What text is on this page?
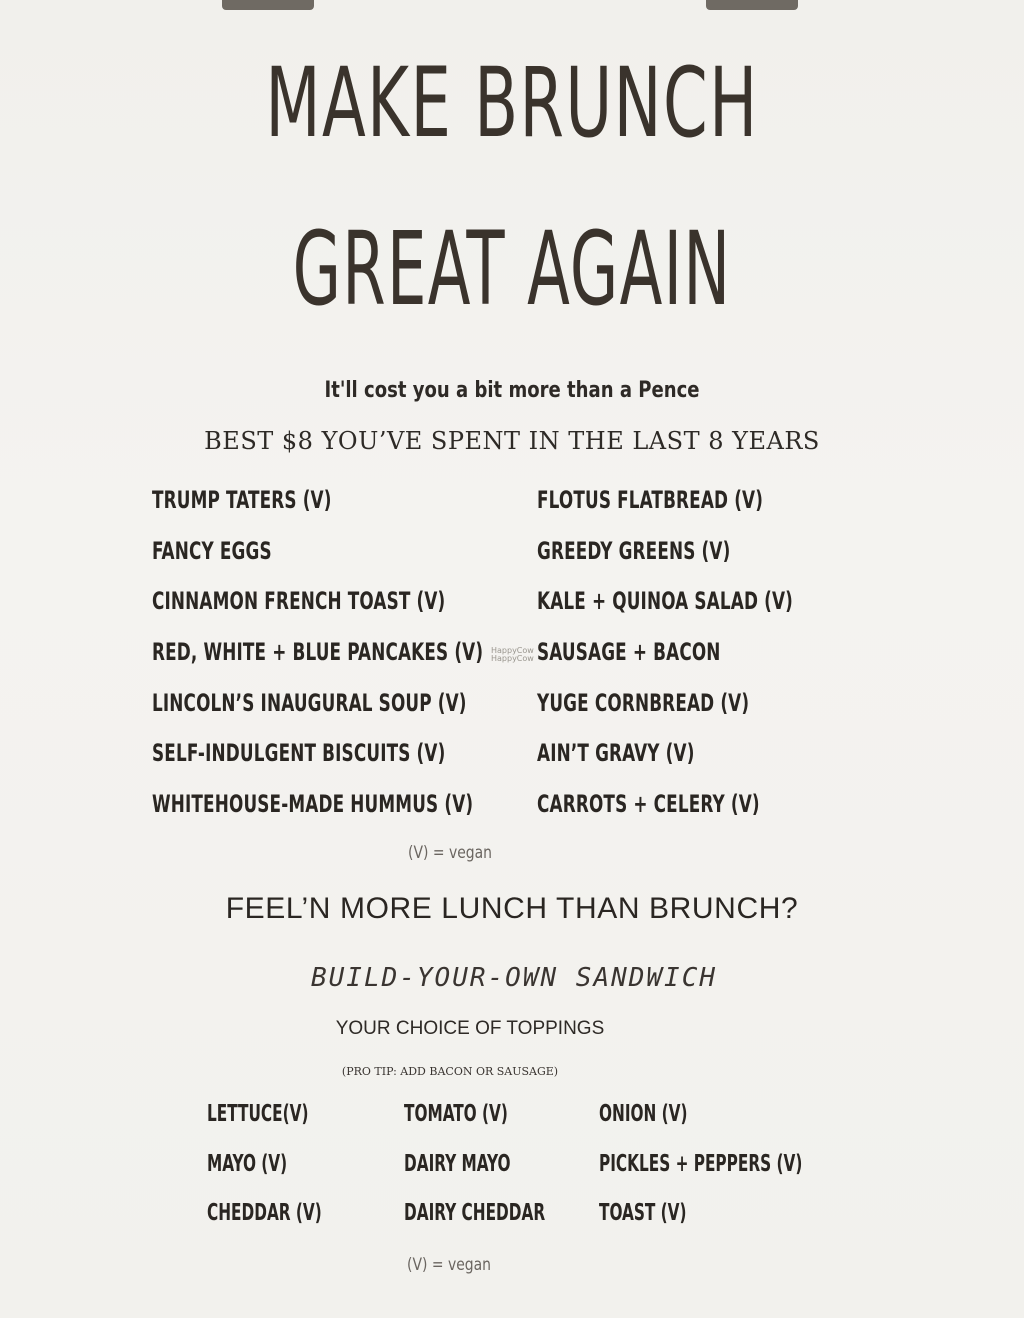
MAKE BRUNCH
GREAT AGAIN
It'll cost you a bit more than a Pence
BEST $8 YOU’VE SPENT IN THE LAST 8 YEARS
TRUMP TATERS (V)
FANCY EGGS
CINNAMON FRENCH TOAST (V)
RED, WHITE + BLUE PANCAKES (V)
LINCOLN’S INAUGURAL SOUP (V)
SELF-INDULGENT BISCUITS (V)
WHITEHOUSE-MADE HUMMUS (V)
FLOTUS FLATBREAD (V)
GREEDY GREENS (V)
KALE + QUINOA SALAD (V)
SAUSAGE + BACON
YUGE CORNBREAD (V)
AIN’T GRAVY (V)
CARROTS + CELERY (V)
HappyCow
HappyCow
(V) = vegan
FEEL’N MORE LUNCH THAN BRUNCH?
BUILD-YOUR-OWN SANDWICH
YOUR CHOICE OF TOPPINGS
(PRO TIP: ADD BACON OR SAUSAGE)
LETTUCE(V)
MAYO (V)
CHEDDAR (V)
TOMATO (V)
DAIRY MAYO
DAIRY CHEDDAR
ONION (V)
PICKLES + PEPPERS (V)
TOAST (V)
(V) = vegan
